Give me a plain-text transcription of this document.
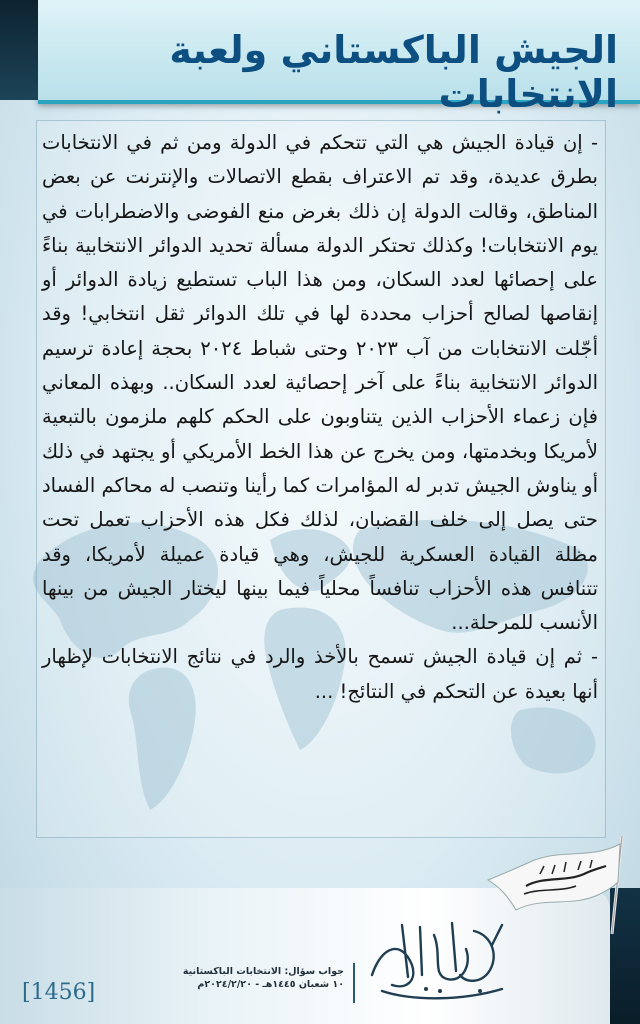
الجيش الباكستاني ولعبة الانتخابات

- إن قيادة الجيش هي التي تتحكم في الدولة ومن ثم في الانتخابات بطرق عديدة، وقد تم الاعتراف بقطع الاتصالات والإنترنت عن بعض المناطق، وقالت الدولة إن ذلك بغرض منع الفوضى والاضطرابات في يوم الانتخابات! وكذلك تحتكر الدولة مسألة تحديد الدوائر الانتخابية بناءً على إحصائها لعدد السكان، ومن هذا الباب تستطيع زيادة الدوائر أو إنقاصها لصالح أحزاب محددة لها في تلك الدوائر ثقل انتخابي! وقد أجّلت الانتخابات من آب ٢٠٢٣ وحتى شباط ٢٠٢٤ بحجة إعادة ترسيم الدوائر الانتخابية بناءً على آخر إحصائية لعدد السكان.. وبهذه المعاني فإن زعماء الأحزاب الذين يتناوبون على الحكم كلهم ملزمون بالتبعية لأمريكا وبخدمتها، ومن يخرج عن هذا الخط الأمريكي أو يجتهد في ذلك أو يناوش الجيش تدبر له المؤامرات كما رأينا وتنصب له محاكم الفساد حتى يصل إلى خلف القضبان، لذلك فكل هذه الأحزاب تعمل تحت مظلة القيادة العسكرية للجيش، وهي قيادة عميلة لأمريكا، وقد تتنافس هذه الأحزاب تنافساً محلياً فيما بينها ليختار الجيش من بينها الأنسب للمرحلة...

- ثم إن قيادة الجيش تسمح بالأخذ والرد في نتائج الانتخابات لإظهار أنها بعيدة عن التحكم في النتائج! ...

جواب سؤال: الانتخابات الباكستانية
١٠ شعبان ١٤٤٥هـ - ٢٠٢٤/٢/٢٠م
[1456]
